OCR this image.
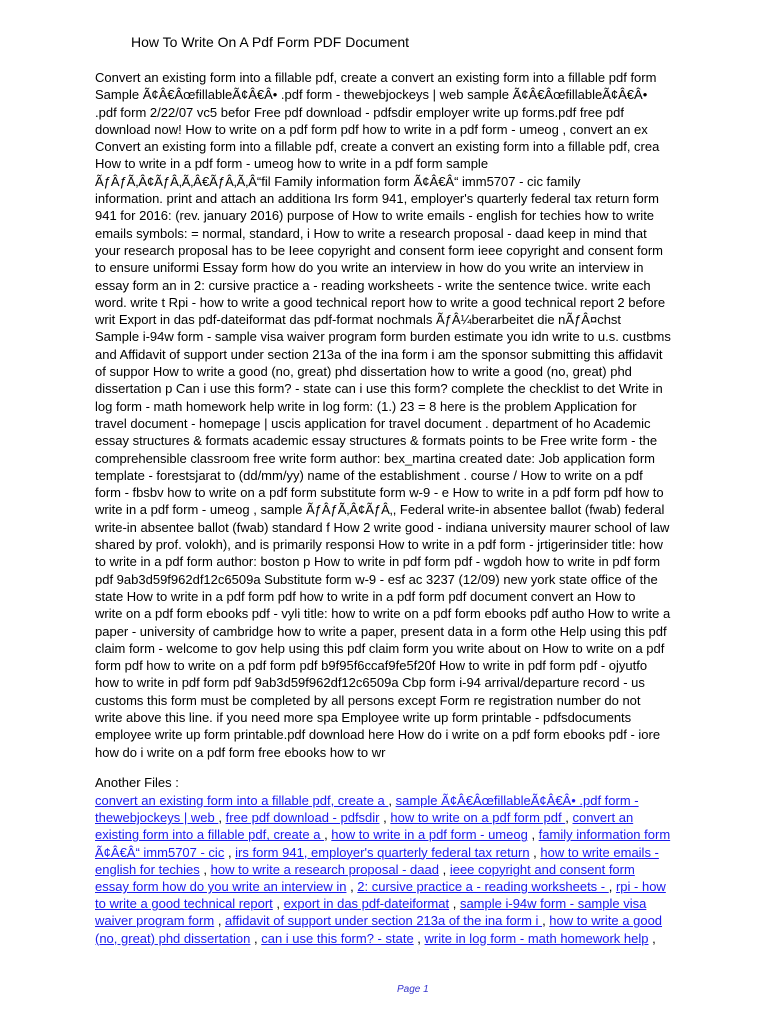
How To Write On A Pdf Form PDF Document
Convert an existing form into a fillable pdf, create a convert an existing form into a fillable pdf form
Sample Ã¢Â€ÂœfillableÃ¢Â€Â• .pdf form - thewebjockeys | web sample Ã¢Â€ÂœfillableÃ¢Â€Â•
.pdf form 2/22/07 vc5 befor Free pdf download - pdfsdir employer write up forms.pdf free pdf
download now! How to write on a pdf form pdf how to write in a pdf form - umeog , convert an ex
Convert an existing form into a fillable pdf, create a convert an existing form into a fillable pdf, crea
How to write in a pdf form - umeog how to write in a pdf form sample
ÃƒÂƒÃ‚Â¢ÃƒÂ‚Ã‚Â€ÃƒÂ‚Ã‚Â“fil Family information form Ã¢Â€Â“ imm5707 - cic family
information. print and attach an additiona Irs form 941, employer's quarterly federal tax return form
941 for 2016: (rev. january 2016) purpose of How to write emails - english for techies how to write
emails symbols: = normal, standard, i How to write a research proposal - daad keep in mind that
your research proposal has to be Ieee copyright and consent form ieee copyright and consent form
to ensure uniformi Essay form how do you write an interview in how do you write an interview in
essay form an in 2: cursive practice a - reading worksheets - write the sentence twice. write each
word. write t Rpi - how to write a good technical report how to write a good technical report 2 before
writ Export in das pdf-dateiformat das pdf-format nochmals ÃƒÂ¼berarbeitet die nÃƒÂ¤chst
Sample i-94w form - sample visa waiver program form burden estimate you idn write to u.s. custbms
and Affidavit of support under section 213a of the ina form i am the sponsor submitting this affidavit
of suppor How to write a good (no, great) phd dissertation how to write a good (no, great) phd
dissertation p Can i use this form? - state can i use this form? complete the checklist to det Write in
log form - math homework help write in log form: (1.) 23 = 8 here is the problem Application for
travel document - homepage | uscis application for travel document . department of ho Academic
essay structures & formats academic essay structures & formats points to be Free write form - the
comprehensible classroom free write form author: bex_martina created date: Job application form
template - forestsjarat to (dd/mm/yy) name of the establishment . course / How to write on a pdf
form - fbsbv how to write on a pdf form substitute form w-9 - e How to write in a pdf form pdf how to
write in a pdf form - umeog , sample ÃƒÂƒÃ‚Â¢ÃƒÂ‚, Federal write-in absentee ballot (fwab) federal
write-in absentee ballot (fwab) standard f How 2 write good - indiana university maurer school of law
shared by prof. volokh), and is primarily responsi How to write in a pdf form - jrtigerinsider title: how
to write in a pdf form author: boston p How to write in pdf form pdf - wgdoh how to write in pdf form
pdf 9ab3d59f962df12c6509a Substitute form w-9 - esf ac 3237 (12/09) new york state office of the
state How to write in a pdf form pdf how to write in a pdf form pdf document convert an How to
write on a pdf form ebooks pdf - vyli title: how to write on a pdf form ebooks pdf autho How to write a
paper - university of cambridge how to write a paper, present data in a form othe Help using this pdf
claim form - welcome to gov help using this pdf claim form you write about on How to write on a pdf
form pdf how to write on a pdf form pdf b9f95f6ccaf9fe5f20f How to write in pdf form pdf - ojyutfo
how to write in pdf form pdf 9ab3d59f962df12c6509a Cbp form i-94 arrival/departure record - us
customs this form must be completed by all persons except Form re registration number do not
write above this line. if you need more spa Employee write up form printable - pdfsdocuments
employee write up form printable.pdf download here How do i write on a pdf form ebooks pdf - iore
how do i write on a pdf form free ebooks how to wr
Another Files :
convert an existing form into a fillable pdf, create a , sample Ã¢Â€ÂœfillableÃ¢Â€Â• .pdf form -
thewebjockeys | web , free pdf download - pdfsdir , how to write on a pdf form pdf , convert an
existing form into a fillable pdf, create a , how to write in a pdf form - umeog , family information form
Ã¢Â€Â“ imm5707 - cic , irs form 941, employer's quarterly federal tax return , how to write emails -
english for techies , how to write a research proposal - daad , ieee copyright and consent form
essay form how do you write an interview in , 2: cursive practice a - reading worksheets - , rpi - how
to write a good technical report , export in das pdf-dateiformat , sample i-94w form - sample visa
waiver program form , affidavit of support under section 213a of the ina form i , how to write a good
(no, great) phd dissertation , can i use this form? - state , write in log form - math homework help ,
Page 1
